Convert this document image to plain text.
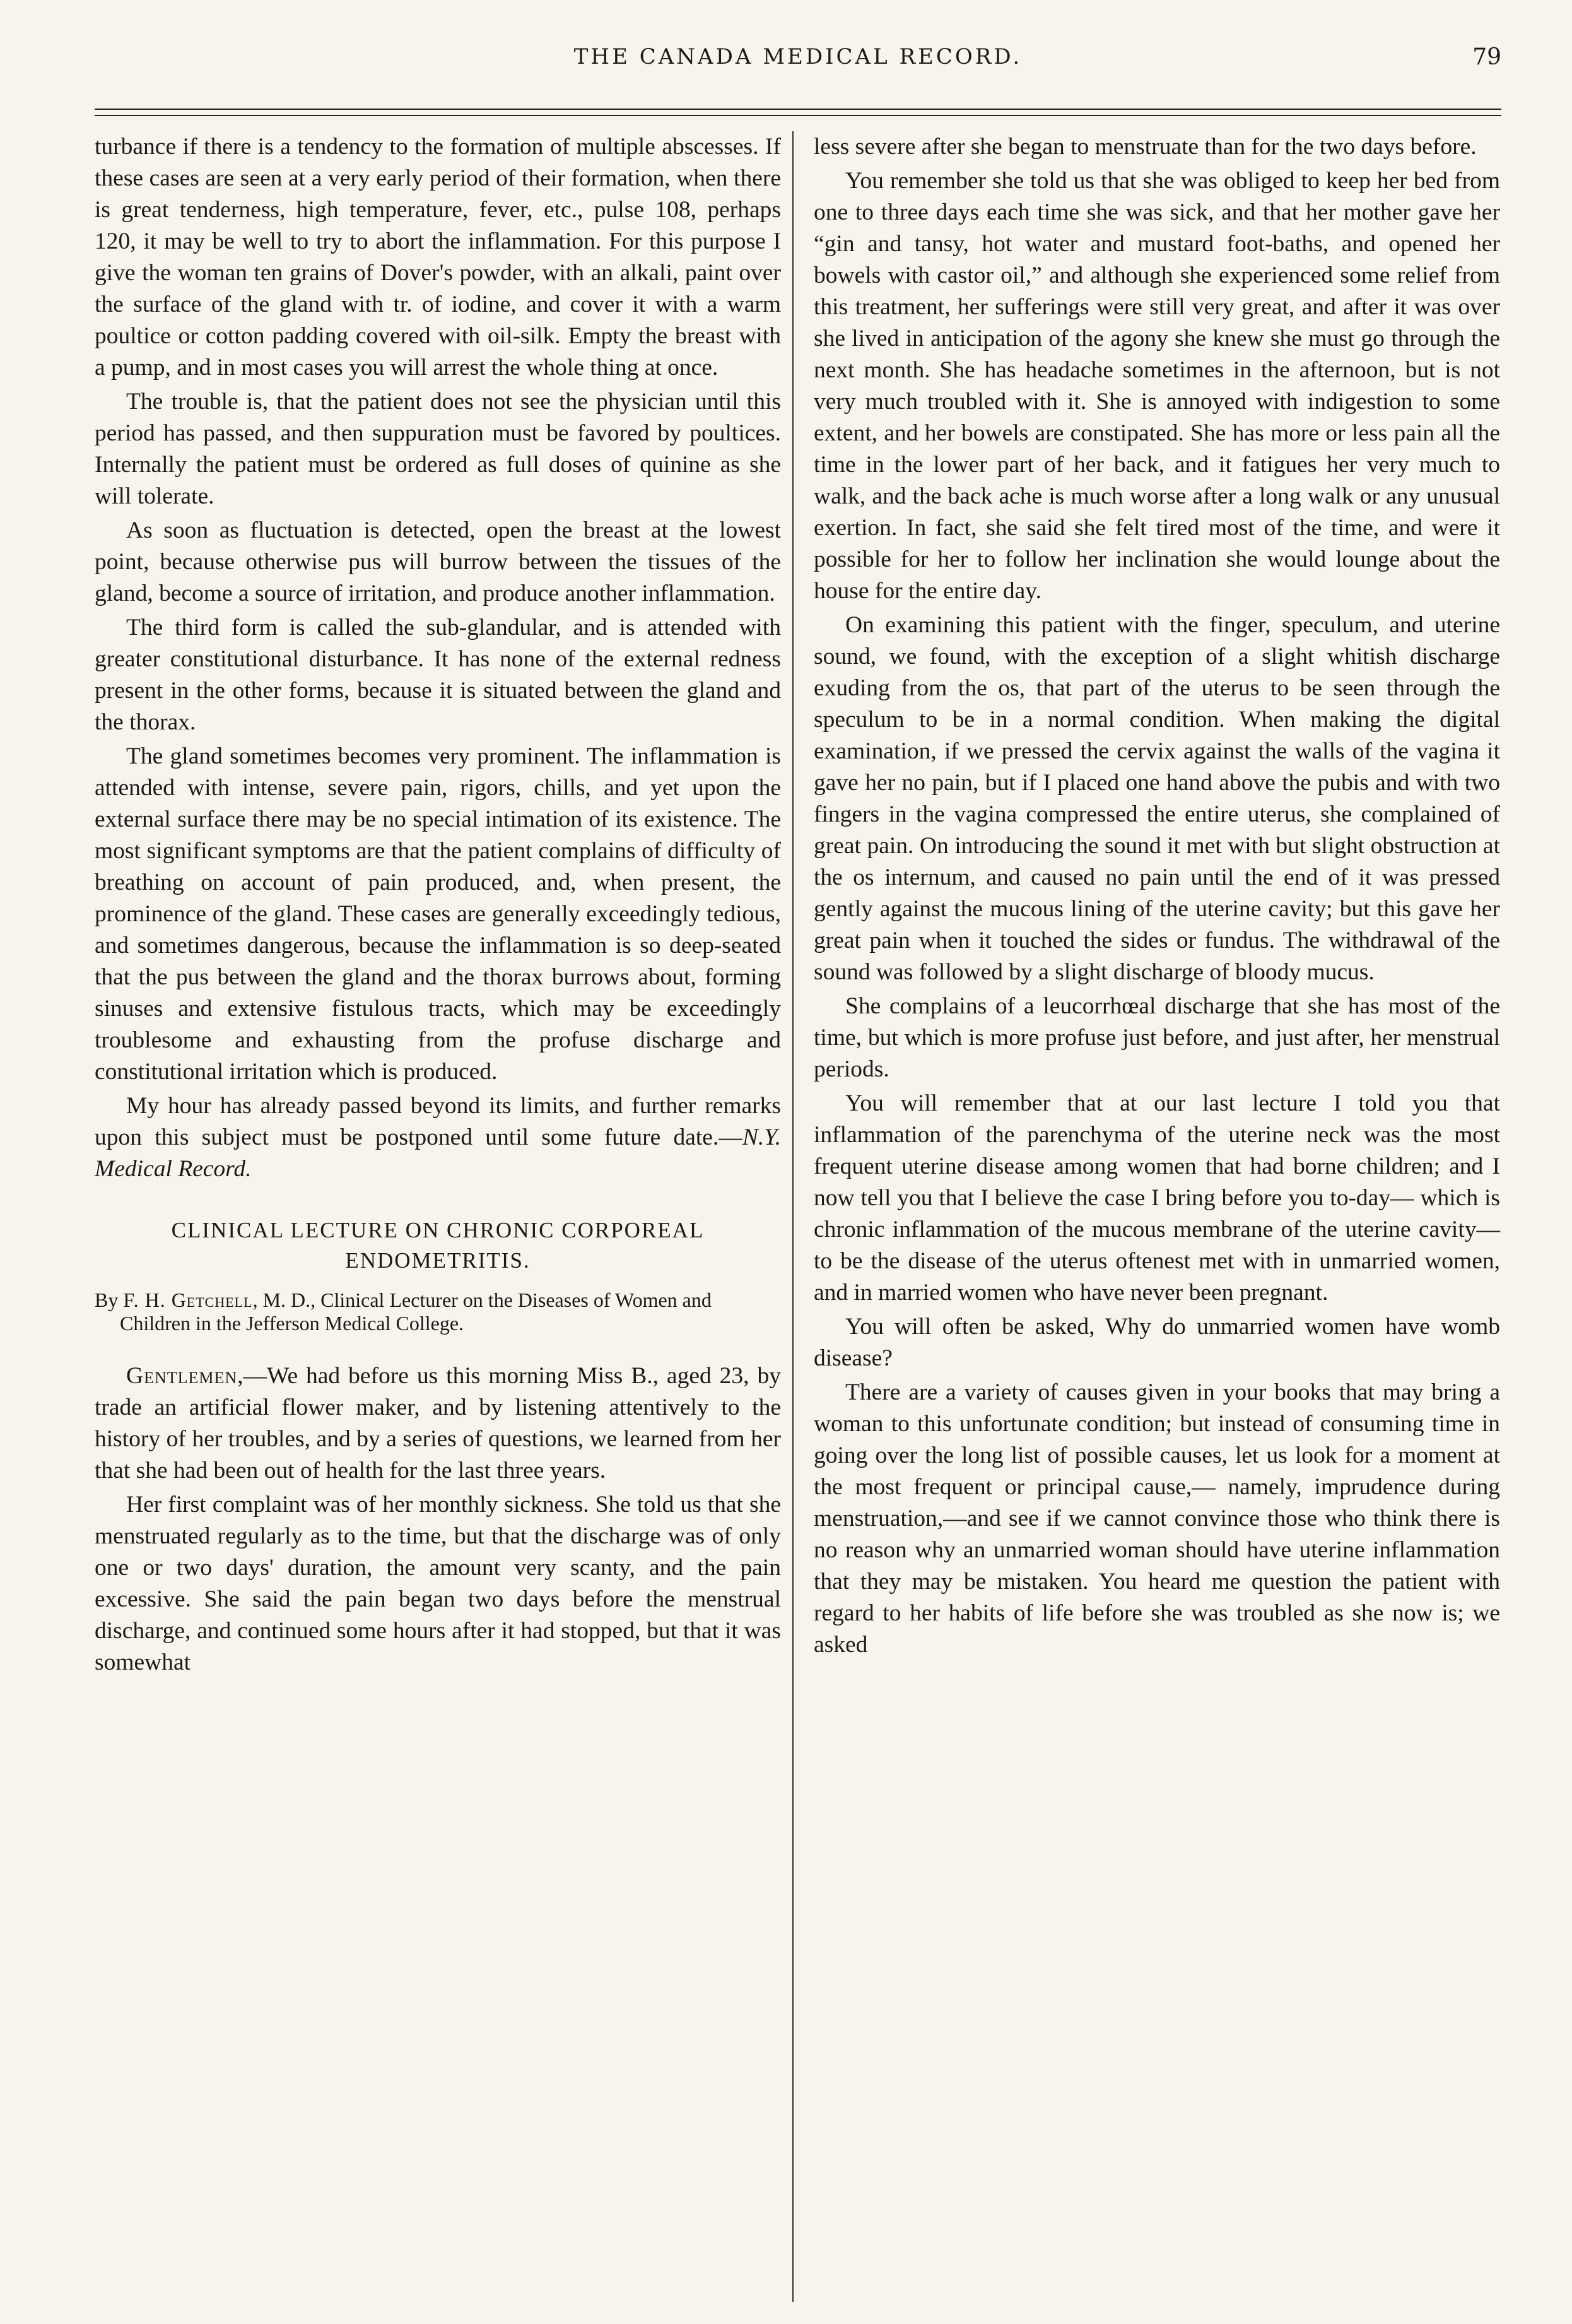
THE CANADA MEDICAL RECORD.	79

turbance if there is a tendency to the formation of multiple abscesses. If these cases are seen at a very early period of their formation, when there is great tenderness, high temperature, fever, etc., pulse 108, perhaps 120, it may be well to try to abort the inflammation. For this purpose I give the woman ten grains of Dover's powder, with an alkali, paint over the surface of the gland with tr. of iodine, and cover it with a warm poultice or cotton padding covered with oil-silk. Empty the breast with a pump, and in most cases you will arrest the whole thing at once.

The trouble is, that the patient does not see the physician until this period has passed, and then suppuration must be favored by poultices. Internally the patient must be ordered as full doses of quinine as she will tolerate.

As soon as fluctuation is detected, open the breast at the lowest point, because otherwise pus will burrow between the tissues of the gland, become a source of irritation, and produce another inflammation.

The third form is called the sub-glandular, and is attended with greater constitutional disturbance. It has none of the external redness present in the other forms, because it is situated between the gland and the thorax.

The gland sometimes becomes very prominent. The inflammation is attended with intense, severe pain, rigors, chills, and yet upon the external surface there may be no special intimation of its existence. The most significant symptoms are that the patient complains of difficulty of breathing on account of pain produced, and, when present, the prominence of the gland. These cases are generally exceedingly tedious, and sometimes dangerous, because the inflammation is so deep-seated that the pus between the gland and the thorax burrows about, forming sinuses and extensive fistulous tracts, which may be exceedingly troublesome and exhausting from the profuse discharge and constitutional irritation which is produced.

My hour has already passed beyond its limits, and further remarks upon this subject must be postponed until some future date.—N.Y. Medical Record.

CLINICAL LECTURE ON CHRONIC CORPOREAL ENDOMETRITIS.
By F. H. Getchell, M. D., Clinical Lecturer on the Diseases of Women and Children in the Jefferson Medical College.

Gentlemen,—We had before us this morning Miss B., aged 23, by trade an artificial flower maker, and by listening attentively to the history of her troubles, and by a series of questions, we learned from her that she had been out of health for the last three years.

Her first complaint was of her monthly sickness. She told us that she menstruated regularly as to the time, but that the discharge was of only one or two days' duration, the amount very scanty, and the pain excessive. She said the pain began two days before the menstrual discharge, and continued some hours after it had stopped, but that it was somewhat

less severe after she began to menstruate than for the two days before.

You remember she told us that she was obliged to keep her bed from one to three days each time she was sick, and that her mother gave her “gin and tansy, hot water and mustard foot-baths, and opened her bowels with castor oil,” and although she experienced some relief from this treatment, her sufferings were still very great, and after it was over she lived in anticipation of the agony she knew she must go through the next month. She has headache sometimes in the afternoon, but is not very much troubled with it. She is annoyed with indigestion to some extent, and her bowels are constipated. She has more or less pain all the time in the lower part of her back, and it fatigues her very much to walk, and the back ache is much worse after a long walk or any unusual exertion. In fact, she said she felt tired most of the time, and were it possible for her to follow her inclination she would lounge about the house for the entire day.

On examining this patient with the finger, speculum, and uterine sound, we found, with the exception of a slight whitish discharge exuding from the os, that part of the uterus to be seen through the speculum to be in a normal condition. When making the digital examination, if we pressed the cervix against the walls of the vagina it gave her no pain, but if I placed one hand above the pubis and with two fingers in the vagina compressed the entire uterus, she complained of great pain. On introducing the sound it met with but slight obstruction at the os internum, and caused no pain until the end of it was pressed gently against the mucous lining of the uterine cavity; but this gave her great pain when it touched the sides or fundus. The withdrawal of the sound was followed by a slight discharge of bloody mucus.

She complains of a leucorrhœal discharge that she has most of the time, but which is more profuse just before, and just after, her menstrual periods.

You will remember that at our last lecture I told you that inflammation of the parenchyma of the uterine neck was the most frequent uterine disease among women that had borne children; and I now tell you that I believe the case I bring before you to-day— which is chronic inflammation of the mucous membrane of the uterine cavity— to be the disease of the uterus oftenest met with in unmarried women, and in married women who have never been pregnant.

You will often be asked, Why do unmarried women have womb disease?

There are a variety of causes given in your books that may bring a woman to this unfortunate condition; but instead of consuming time in going over the long list of possible causes, let us look for a moment at the most frequent or principal cause,— namely, imprudence during menstruation,—and see if we cannot convince those who think there is no reason why an unmarried woman should have uterine inflammation that they may be mistaken. You heard me question the patient with regard to her habits of life before she was troubled as she now is; we asked
